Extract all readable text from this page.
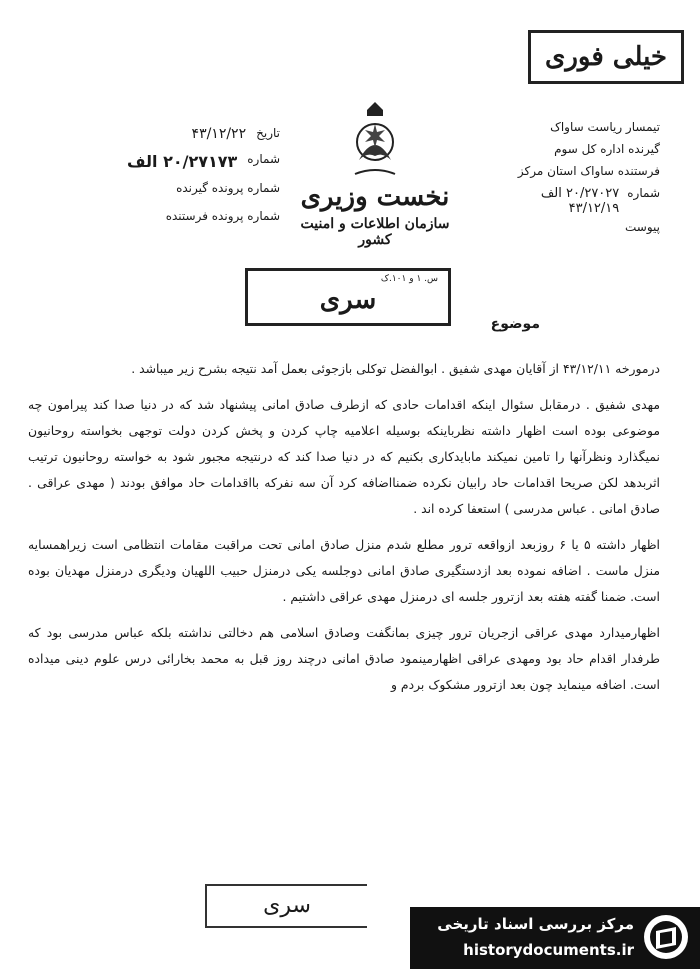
خیلی فوری
تیمسار ریاست ساواک
گیرنده اداره کل سوم
فرستنده ساواک استان مرکز
شماره
۲۰/۲۷۰۲۷ الف
۴۳/۱۲/۱۹
پیوست
تاریخ
۴۳/۱۲/۲۲
شماره
۲۰/۲۷۱۷۳ الف
شماره پرونده گیرنده
شماره پرونده فرستنده
نخست وزیری
سازمان اطلاعات و امنیت کشور
س. ۱ و ۱۰۱.ک
سری
موضوع

درمورخه ۴۳/۱۲/۱۱ از آقایان مهدی شفیق . ابوالفضل توکلی بازجوئی بعمل آمد نتیجه بشرح زیر میباشد .

مهدی شفیق . درمقابل سئوال اینکه اقدامات حادی که ازطرف صادق امانی پیشنهاد شد که در دنیا صدا کند پیرامون چه موضوعی بوده است اظهار داشته نظرباینکه بوسیله اعلامیه چاپ کردن و پخش کردن دولت توجهی بخواسته روحانیون نمیگذارد ونظرآنها را تامین نمیکند مابایدکاری بکنیم که در دنیا صدا کند که درنتیجه مجبور شود به خواسته روحانیون ترتیب اثربدهد لکن صریحا اقدامات حاد رابیان نکرده ضمنااضافه کرد آن سه نفرکه بااقدامات حاد موافق بودند ( مهدی عراقی . صادق امانی . عباس مدرسی ) استعفا کرده اند .

اظهار داشته ۵ یا ۶ روزبعد ازواقعه ترور مطلع شدم منزل صادق امانی تحت مراقبت مقامات انتظامی است زیراهمسایه منزل ماست . اضافه نموده بعد ازدستگیری صادق امانی دوجلسه یکی درمنزل حبیب اللهیان ودیگری درمنزل مهدیان بوده است. ضمنا گفته هفته بعد ازترور جلسه ای درمنزل مهدی عراقی داشتیم .

اظهارمیدارد مهدی عراقی ازجریان ترور چیزی بمانگفت وصادق اسلامی هم دخالتی نداشته بلکه عباس مدرسی بود که طرفدار اقدام حاد بود ومهدی عراقی اظهارمینمود صادق امانی درچند روز قبل به محمد بخارائی درس علوم دینی میداده است. اضافه مینماید چون بعد ازترور مشکوک بردم و

سری
مرکز بررسی اسناد تاریخی
historydocuments.ir
